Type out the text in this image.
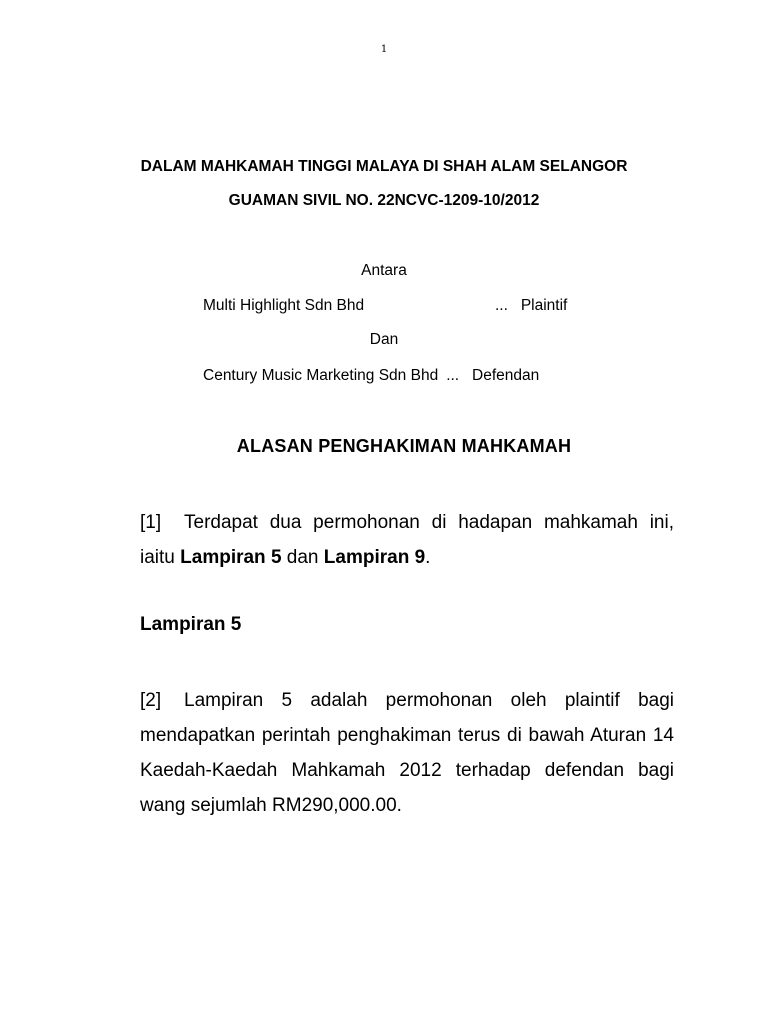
1
DALAM MAHKAMAH TINGGI MALAYA DI SHAH ALAM SELANGOR
GUAMAN SIVIL NO. 22NCVC-1209-10/2012
Antara
Multi Highlight Sdn Bhd	...   Plaintif
Dan
Century Music Marketing Sdn Bhd ...   Defendan
ALASAN PENGHAKIMAN MAHKAMAH
[1] Terdapat dua permohonan di hadapan mahkamah ini, iaitu Lampiran 5 dan Lampiran 9.
Lampiran 5
[2] Lampiran 5 adalah permohonan oleh plaintif bagi mendapatkan perintah penghakiman terus di bawah Aturan 14 Kaedah-Kaedah Mahkamah 2012 terhadap defendan bagi wang sejumlah RM290,000.00.
